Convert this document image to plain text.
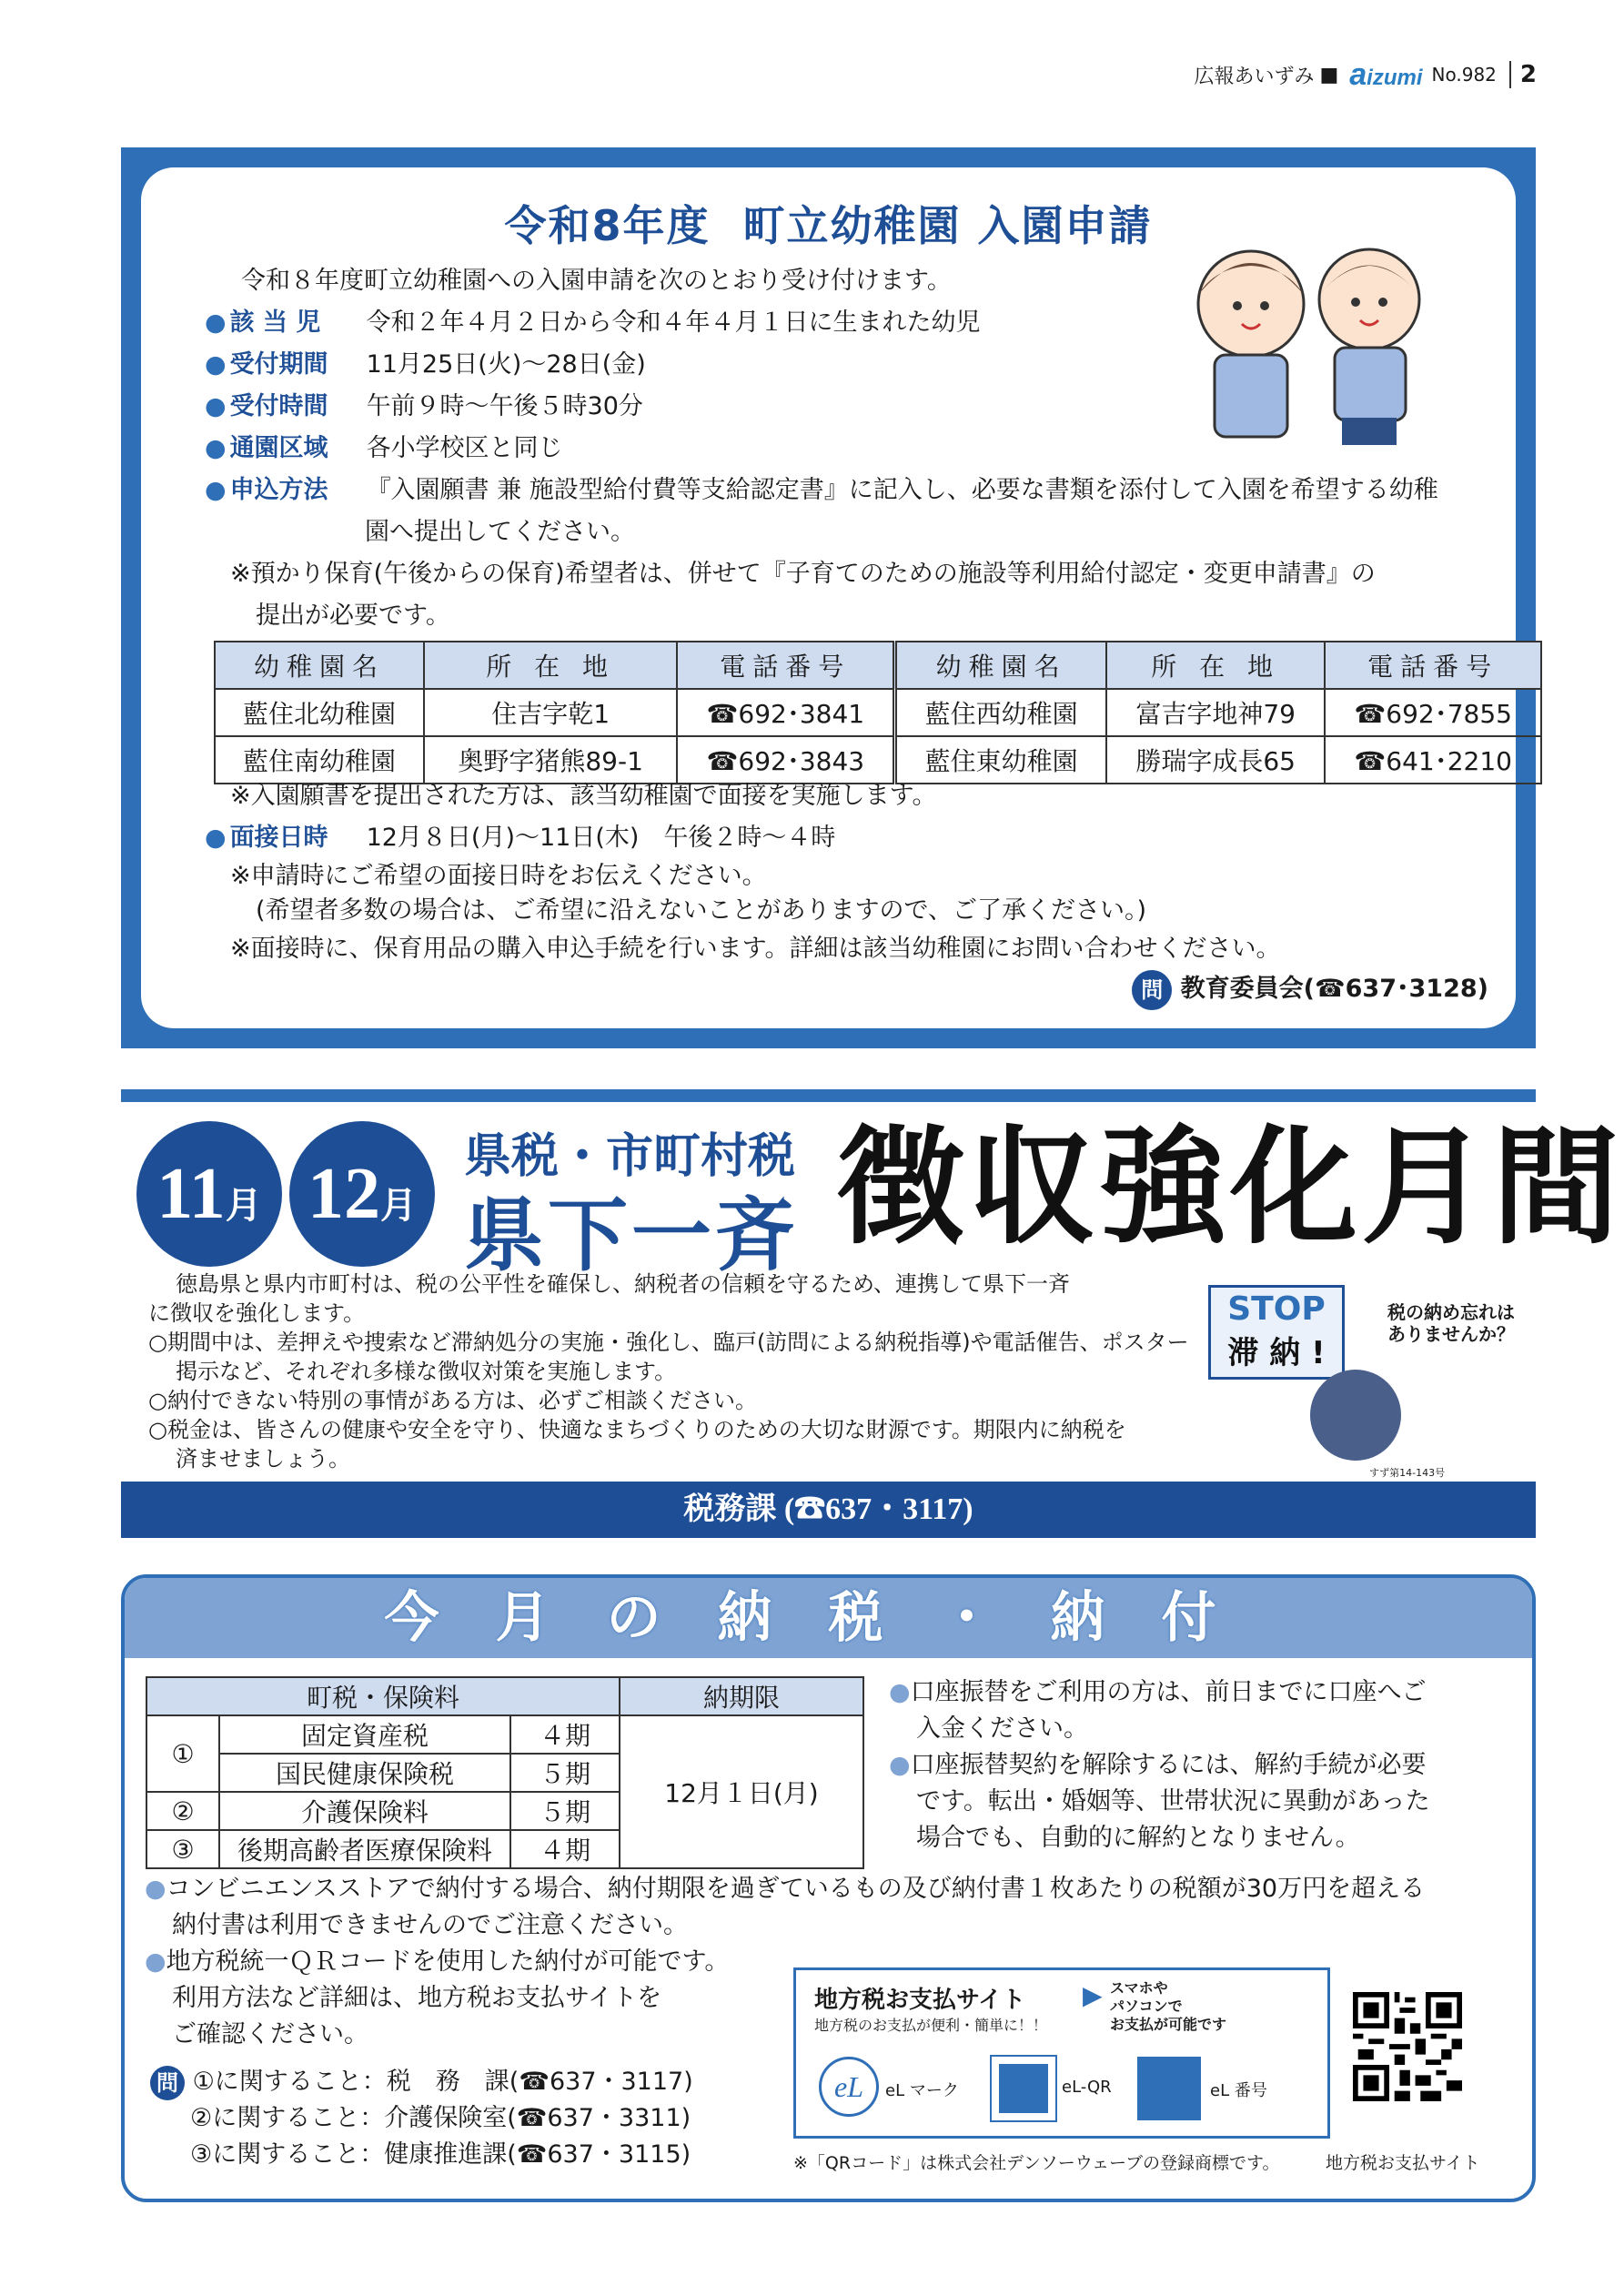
広報あいずみ ■ aizumi No.982	2
令和8年度 町立幼稚園 入園申請
令和８年度町立幼稚園への入園申請を次のとおり受け付けます。
● 該 当 児 令和２年４月２日から令和４年４月１日に生まれた幼児
● 受付期間 11月25日(火)～28日(金)
● 受付時間 午前９時～午後５時30分
● 通園区域 各小学校区と同じ
● 申込方法 『入園願書 兼 施設型給付費等支給認定書』に記入し、必要な書類を添付して入園を希望する幼稚
園へ提出してください。
※預かり保育(午後からの保育)希望者は、併せて『子育てのための施設等利用給付認定・変更申請書』の
提出が必要です。
幼稚園名	所 在 地	電話番号	幼稚園名	所 在 地	電話番号
藍住北幼稚園	住吉字乾1	☎692･3841	藍住西幼稚園	富吉字地神79	☎692･7855
藍住南幼稚園	奥野字猪熊89-1	☎692･3843	藍住東幼稚園	勝瑞字成長65	☎641･2210
※入園願書を提出された方は、該当幼稚園で面接を実施します。
● 面接日時 12月８日(月)～11日(木)　午後２時～４時
※申請時にご希望の面接日時をお伝えください。
(希望者多数の場合は、ご希望に沿えないことがありますので、ご了承ください。)
※面接時に、保育用品の購入申込手続を行います。詳細は該当幼稚園にお問い合わせください。
問 教育委員会(☎637･3128)
11月 12月
県税・市町村税
県下一斉 徴収強化月間
徳島県と県内市町村は、税の公平性を確保し、納税者の信頼を守るため、連携して県下一斉
に徴収を強化します。
○期間中は、差押えや捜索など滞納処分の実施・強化し、臨戸(訪問による納税指導)や電話催告、ポスター
掲示など、それぞれ多様な徴収対策を実施します。
○納付できない特別の事情がある方は、必ずご相談ください。
○税金は、皆さんの健康や安全を守り、快適なまちづくりのための大切な財源です。期限内に納税を
済ませましょう。
STOP
滞 納 !
税の納め忘れは
ありませんか？
すず第14-143号
税務課 (☎637・3117)
今月の納税・納付
町税・保険料			納期限
①	固定資産税	４期	12月１日(月)
	国民健康保険税	５期	
②	介護保険料	５期	
③	後期高齢者医療保険料	４期	
●口座振替をご利用の方は、前日までに口座へご
入金ください。
●口座振替契約を解除するには、解約手続が必要
です。転出・婚姻等、世帯状況に異動があった
場合でも、自動的に解約となりません。
●コンビニエンスストアで納付する場合、納付期限を過ぎているもの及び納付書１枚あたりの税額が30万円を超える
納付書は利用できませんのでご注意ください。
●地方税統一ＱＲコードを使用した納付が可能です。
利用方法など詳細は、地方税お支払サイトを
ご確認ください。
問 ①に関すること：税　務　課(☎637・3117)
②に関すること：介護保険室(☎637・3311)
③に関すること：健康推進課(☎637・3115)
地方税お支払サイト
地方税のお支払が便利・簡単に！！
▶ スマホや
パソコンで
お支払が可能です
eL	eL マーク	eL-QR	eL 番号
※「QRコード」は株式会社デンソーウェーブの登録商標です。	地方税お支払サイト
